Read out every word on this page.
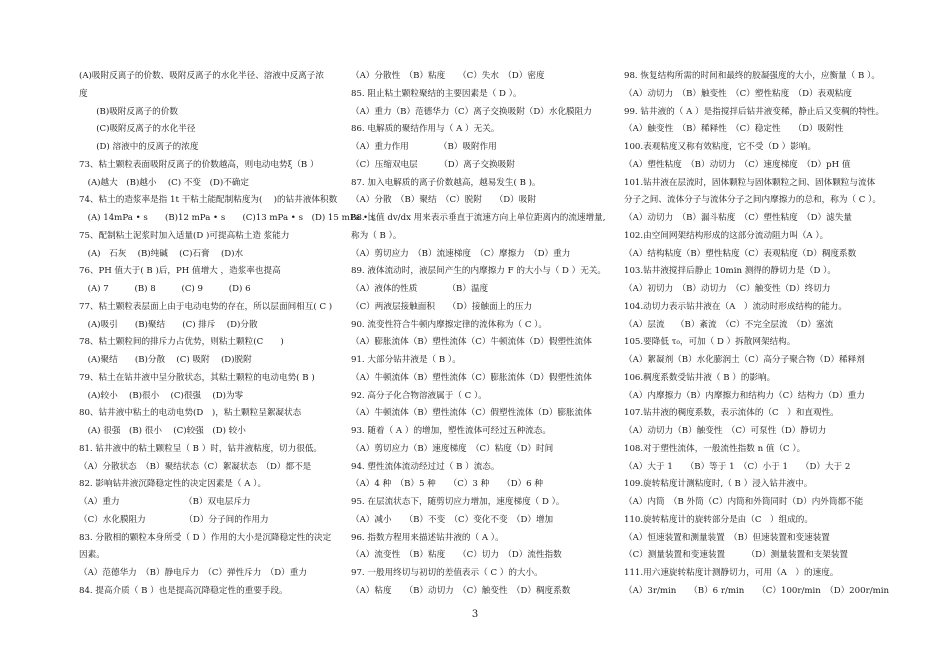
(A)吸附反离子的价数、吸附反离子的水化半径、溶液中反离子浓
度
　　(B)吸附反离子的价数
　　(C)吸附反离子的水化半径
　　(D) 溶液中的反离子的浓度
73、粘土颗粒表面吸附反离子的价数越高，则电动电势ξ（B ）
　(A)越大　(B)越小　 (C) 不变　(D)不确定
74、粘土的造浆率是指 1t 干粘土能配制粘度为(　 )的钻井液体积数
　(A) 14mPa • s　　(B)12 mPa • s　　(C)13 mPa • s　(D) 15 mPa • s
75、配制粘土泥浆时加入适量(D )可提高粘土造 浆能力
　(A)　石灰　 (B)纯碱　 (C)石膏　 (D)水
76、PH 值大于( B )后，PH 值增大 ，造浆率也提高
　(A) 7　　　(B) 8　　　(C) 9　　　(D) 6
77、粘土颗粒表层面上由于电动电势的存在，所以层面间相互( C )
　(A)吸引　　(B)聚结　　(C) 排斥　 (D)分散
78、粘土颗粒间的排斥力占优势，则粘土颗粒(C　　)
　(A)聚结　　(B)分散　 (C) 吸附　 (D)脱附
79、粘土在钻井液中呈分散状态，其粘土颗粒的电动电势( B )
　(A)较小　 (B)很小　 (C)很强　 (D)为零
80、钻井液中粘土的电动电势(D　)，粘土颗粒呈絮凝状态
　(A) 很强　(B) 很小　 (C)较强　(D) 较小
81. 钻井液中的粘土颗粒呈（ B ）时，钻井液粘度，切力很低。
（A）分散状态　（B）聚结状态（C）絮凝状态　（D）都不是
82. 影响钻井液沉降稳定性的决定因素是（ A ）。
（A）重力　　　　　　　　（B）双电层斥力
（C）水化膜阻力　　　　　（D）分子间的作用力
83. 分散相的颗粒本身所受（ D ）作用的大小是沉降稳定性的决定
因素。
（A）范德华力　（B）静电斥力　（C）弹性斥力　（D）重力
84. 提高介质（ B ）也是提高沉降稳定性的重要手段。
（A）分散性　（B）粘度　　（C）失水　（D）密度
85. 阻止粘土颗粒聚结的主要因素是（ D ）。
（A）重力（B）范德华力（C）离子交换吸附（D）水化膜阻力
86. 电解质的聚结作用与（ A ）无关。
（A）重力作用　　　　（B）吸附作用
（C）压缩双电层　　　（D）离子交换吸附
87. 加入电解质的离子价数越高，越易发生( B )。
（A）分散　（B）聚结　（C）脱附　　（D）吸附
88. 比值 dv/dx 用来表示垂直于流速方向上单位距离内的流速增量,
称为（ B ）。
（A）剪切应力　（B）流速梯度　（C）摩擦力　（D）重力
89. 液体流动时，液层间产生的内摩擦力 F 的大小与（ D ）无关。
（A）液体的性质　　　　（B）温度
（C）两液层接触面积　　（D）接触面上的压力
90. 流变性符合牛顿内摩擦定律的流体称为（ C ）。
（A）膨胀流体（B）塑性流体（C）牛顿流体（D）假塑性流体
91. 大部分钻井液是（ B ）。
（A）牛顿流体（B）塑性流体（C）膨胀流体（D）假塑性流体
92. 高分子化合物溶液属于（ C ）。
（A）牛顿流体（B）塑性流体（C）假塑性流体（D）膨胀流体
93. 随着（ A ）的增加，塑性流体可经过五种流态。
（A）剪切应力（B）速度梯度　（C）粘度（D）时间
94. 塑性流体流动经过过（ B ）流态。
（A）4 种　（B）5 种　　（C）3 种　　（D）6 种
95. 在层流状态下，随剪切应力增加，速度梯度（ D ）。
（A）减小　　（B）不变　（C）变化不变　（D）增加
96. 指数方程用来描述钻井液的（ A ）。
（A）流变性　（B）粘度　　（C）切力　（D）流性指数
97. 一般用终切与初切的差值表示（ C ）的大小。
（A）粘度　　（B）动切力　（C）触变性　（D）稠度系数
98. 恢复结构所需的时间和最终的胶凝强度的大小，应衡量（ B ）。
（A）动切力　（B）触变性　（C）塑性粘度　（D）表观粘度
99. 钻井液的（ A ）是指搅拌后钻井液变稀，静止后又变稠的特性。
（A）触变性　（B）稀释性　（C）稳定性　　（D）吸附性
100.表观粘度又称有效粘度，它不受（D ）影响。
（A）塑性粘度　（B）动切力　（C）速度梯度　（D）pH 值
101.钻井液在层流时，固体颗粒与固体颗粒之间、固体颗粒与流体
分子之间、流体分子与流体分子之间内摩擦力的总和，称为（ C ）。
（A）动切力　（B）漏斗粘度　（C）塑性粘度　（D）滤失量
102.由空间网架结构形成的这部分流动阻力叫（A ）。
（A）结构粘度（B）塑性粘度（C）表观粘度（D）稠度系数
103.钻井液搅拌后静止 10min 测得的静切力是（D ）。
（A）初切力　（B）动切力　（C）触变性（D）终切力
104.动切力表示钻井液在（A　）流动时形成结构的能力。
（A）层流　 （B）紊流　（C）不完全层流　（D）塞流
105.要降低 τ₀，可加（ D ）拆散网架结构。
（A）絮凝剂（B）水化膨润土（C）高分子聚合物（D）稀释剂
106.稠度系数受钻井液（ B ）的影响。
（A）内摩擦力（B）内摩擦力和结构力（C）结构力（D）重力
107.钻井液的稠度系数，表示流体的（C　）和直观性。
（A）动切力（B）触变性　（C）可泵性（D）静切力
108.对于塑性流体，一般流性指数 n 值（C ）。
（A）大于 1　　（B）等于 1　（C）小于 1　　（D）大于 2
109.旋转粘度计测粘度时,（ B ）浸入钻井液中。
（A）内筒　（B 外筒（C）内筒和外筒同时（D）内外筒都不能
110.旋转粘度计的旋转部分是由（C　）组成的。
（A）恒速装置和测量装置　（B）但速装置和变速装置
（C）测量装置和变速装置　　　（D）测量装置和支架装置
111.用六速旋转粘度计测静切力，可用（A　）的速度。
（A）3r/min　　（B）6 r/min　　（C）100r/min　（D）200r/min
3
